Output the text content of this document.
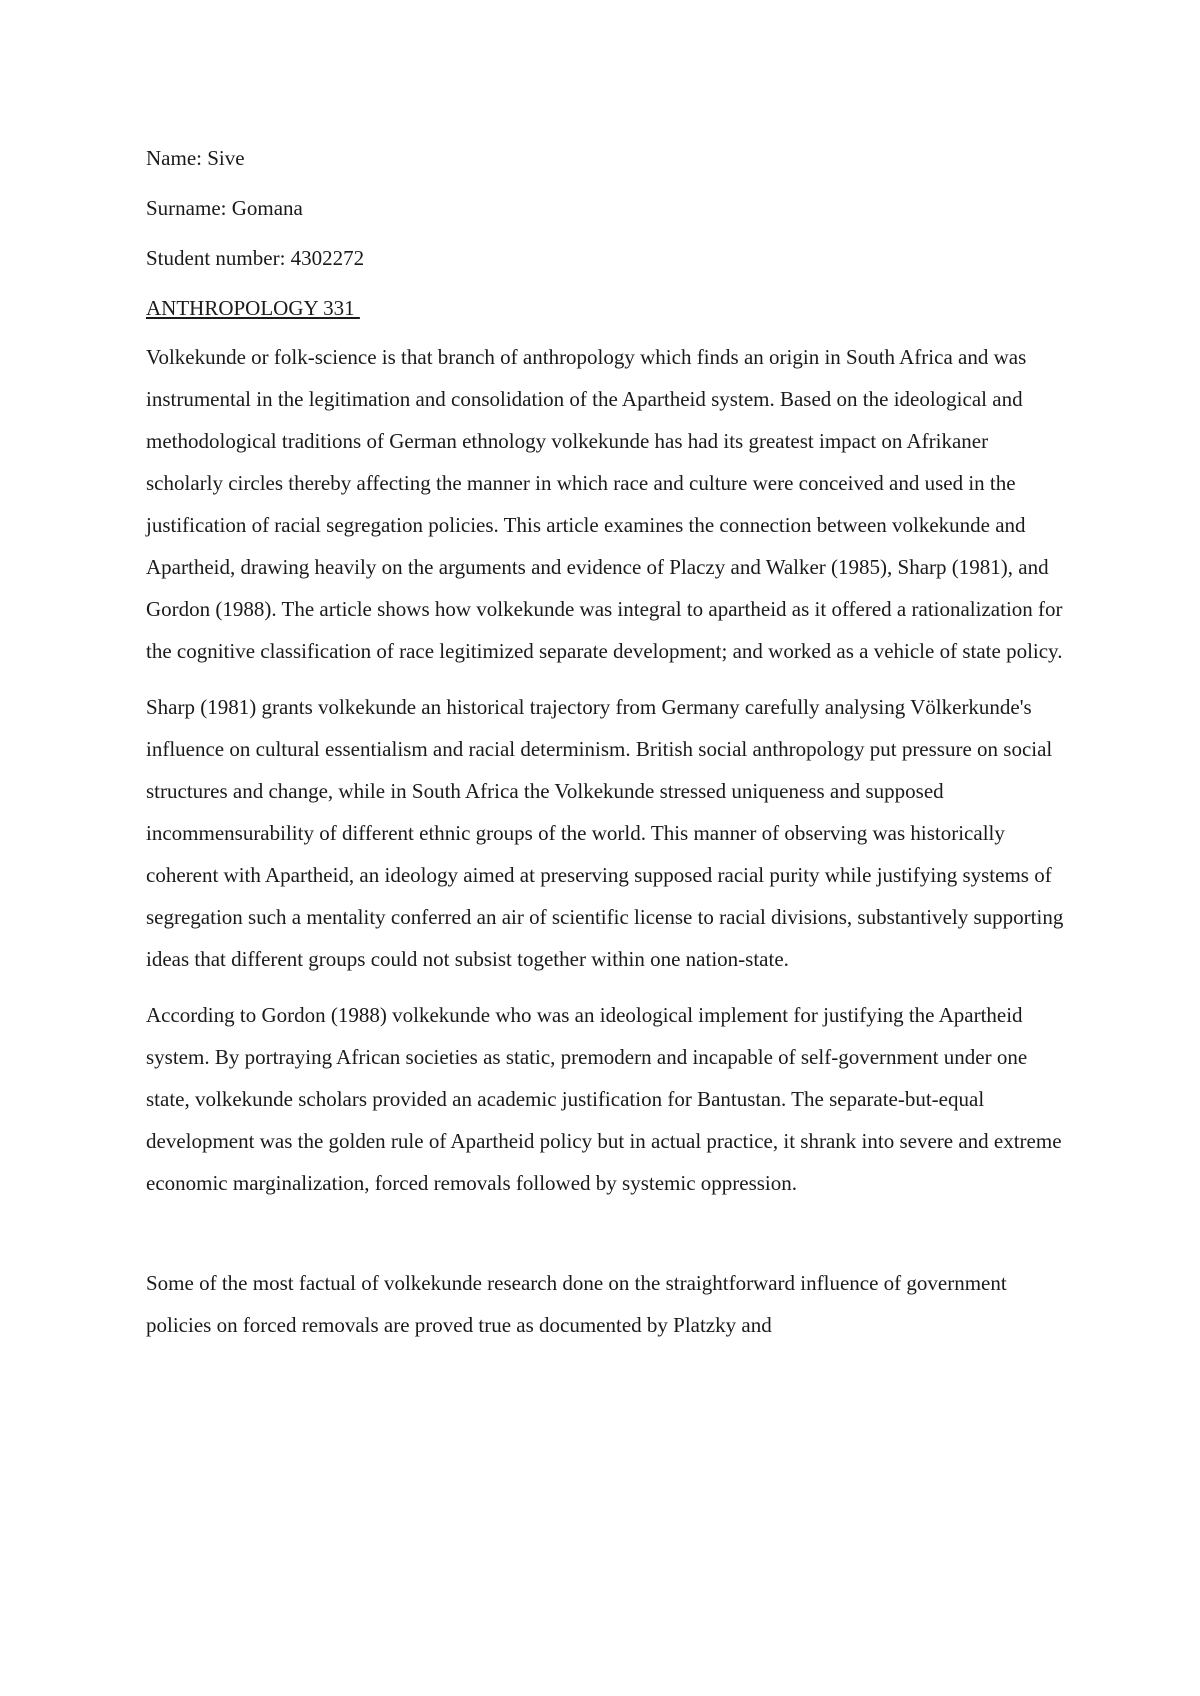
Name: Sive

Surname: Gomana

Student number: 4302272

ANTHROPOLOGY 331

Volkekunde or folk-science is that branch of anthropology which finds an origin in South Africa and was instrumental in the legitimation and consolidation of the Apartheid system. Based on the ideological and methodological traditions of German ethnology volkekunde has had its greatest impact on Afrikaner scholarly circles thereby affecting the manner in which race and culture were conceived and used in the justification of racial segregation policies. This article examines the connection between volkekunde and Apartheid, drawing heavily on the arguments and evidence of Placzy and Walker (1985), Sharp (1981), and Gordon (1988). The article shows how volkekunde was integral to apartheid as it offered a rationalization for the cognitive classification of race legitimized separate development; and worked as a vehicle of state policy.

Sharp (1981) grants volkekunde an historical trajectory from Germany carefully analysing Völkerkunde's influence on cultural essentialism and racial determinism. British social anthropology put pressure on social structures and change, while in South Africa the Volkekunde stressed uniqueness and supposed incommensurability of different ethnic groups of the world. This manner of observing was historically coherent with Apartheid, an ideology aimed at preserving supposed racial purity while justifying systems of segregation such a mentality conferred an air of scientific license to racial divisions, substantively supporting ideas that different groups could not subsist together within one nation-state.

According to Gordon (1988) volkekunde who was an ideological implement for justifying the Apartheid system. By portraying African societies as static, premodern and incapable of self-government under one state, volkekunde scholars provided an academic justification for Bantustan. The separate-but-equal development was the golden rule of Apartheid policy but in actual practice, it shrank into severe and extreme economic marginalization, forced removals followed by systemic oppression.

Some of the most factual of volkekunde research done on the straightforward influence of government policies on forced removals are proved true as documented by Platzky and
